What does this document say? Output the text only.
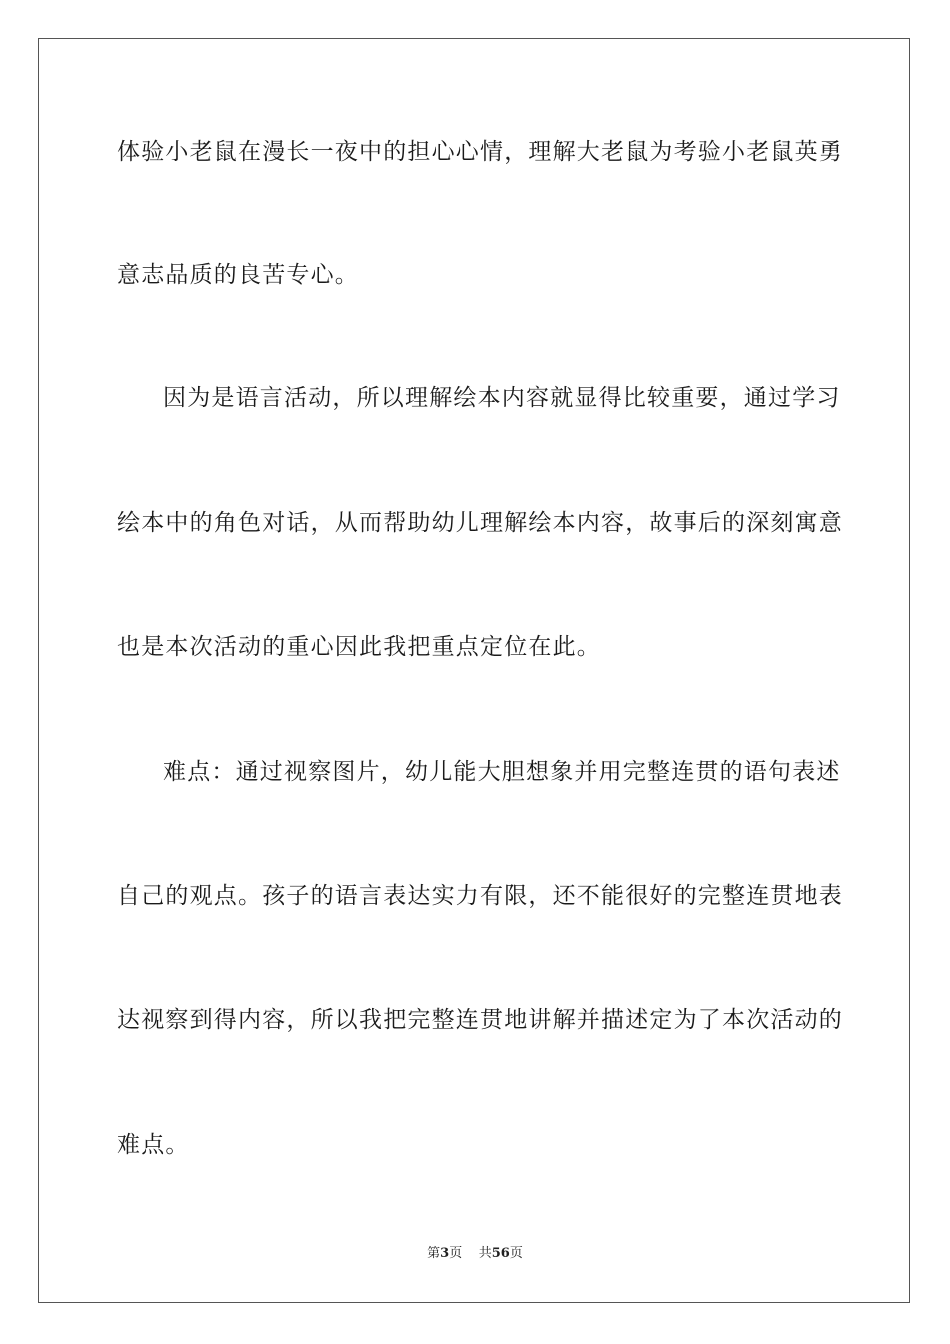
体验小老鼠在漫长一夜中的担心心情，理解大老鼠为考验小老鼠英勇
意志品质的良苦专心。
因为是语言活动，所以理解绘本内容就显得比较重要，通过学习
绘本中的角色对话，从而帮助幼儿理解绘本内容，故事后的深刻寓意
也是本次活动的重心因此我把重点定位在此。
难点：通过视察图片，幼儿能大胆想象并用完整连贯的语句表述
自己的观点。孩子的语言表达实力有限，还不能很好的完整连贯地表
达视察到得内容，所以我把完整连贯地讲解并描述定为了本次活动的
难点。
第3页 共56页
